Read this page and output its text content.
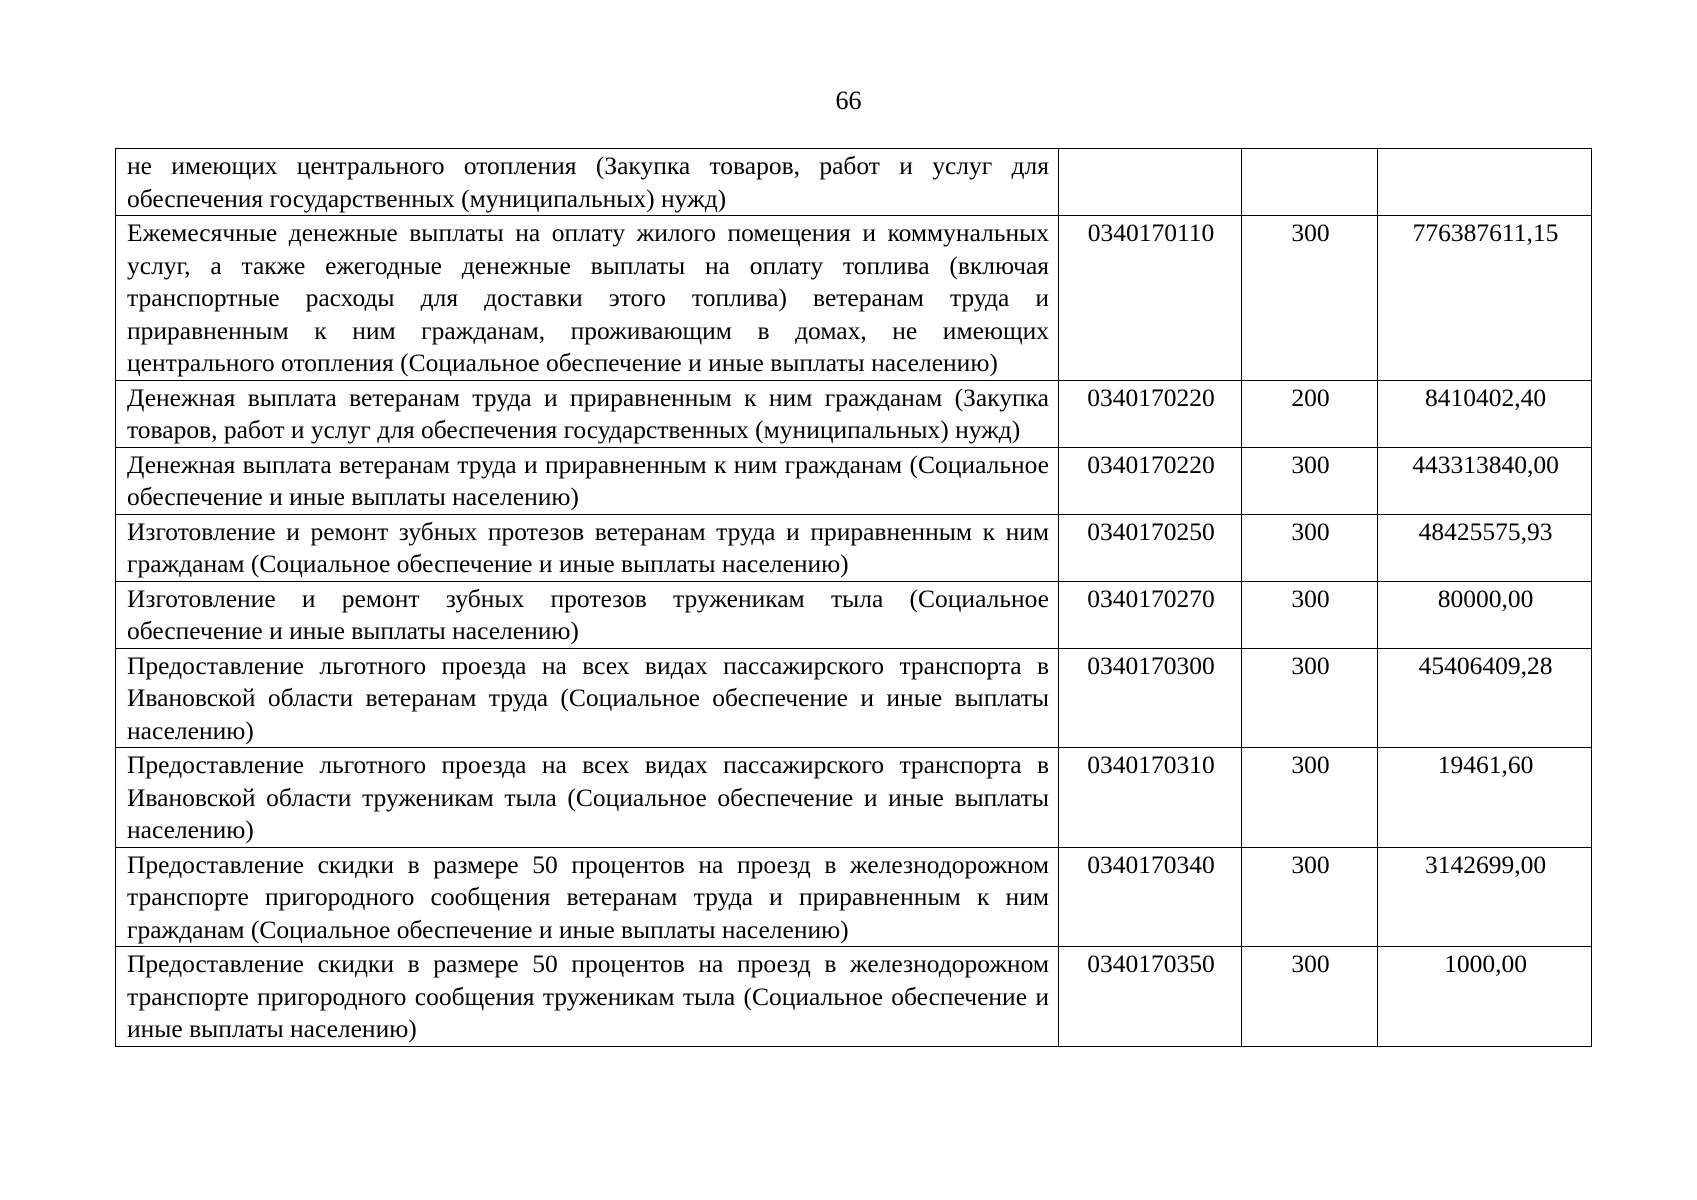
66
не имеющих центрального отопления (Закупка товаров, работ и услуг для обеспечения государственных (муниципальных) нужд)			
Ежемесячные денежные выплаты на оплату жилого помещения и коммунальных услуг, а также ежегодные денежные выплаты на оплату топлива (включая транспортные расходы для доставки этого топлива) ветеранам труда и приравненным к ним гражданам, проживающим в домах, не имеющих центрального отопления (Социальное обеспечение и иные выплаты населению)	0340170110	300	776387611,15
Денежная выплата ветеранам труда и приравненным к ним гражданам (Закупка товаров, работ и услуг для обеспечения государственных (муниципальных) нужд)	0340170220	200	8410402,40
Денежная выплата ветеранам труда и приравненным к ним гражданам (Социальное обеспечение и иные выплаты населению)	0340170220	300	443313840,00
Изготовление и ремонт зубных протезов ветеранам труда и приравненным к ним гражданам (Социальное обеспечение и иные выплаты населению)	0340170250	300	48425575,93
Изготовление и ремонт зубных протезов труженикам тыла (Социальное обеспечение и иные выплаты населению)	0340170270	300	80000,00
Предоставление льготного проезда на всех видах пассажирского транспорта в Ивановской области ветеранам труда (Социальное обеспечение и иные выплаты населению)	0340170300	300	45406409,28
Предоставление льготного проезда на всех видах пассажирского транспорта в Ивановской области труженикам тыла (Социальное обеспечение и иные выплаты населению)	0340170310	300	19461,60
Предоставление скидки в размере 50 процентов на проезд в железнодорожном транспорте пригородного сообщения ветеранам труда и приравненным к ним гражданам (Социальное обеспечение и иные выплаты населению)	0340170340	300	3142699,00
Предоставление скидки в размере 50 процентов на проезд в железнодорожном транспорте пригородного сообщения труженикам тыла (Социальное обеспечение и иные выплаты населению)	0340170350	300	1000,00
